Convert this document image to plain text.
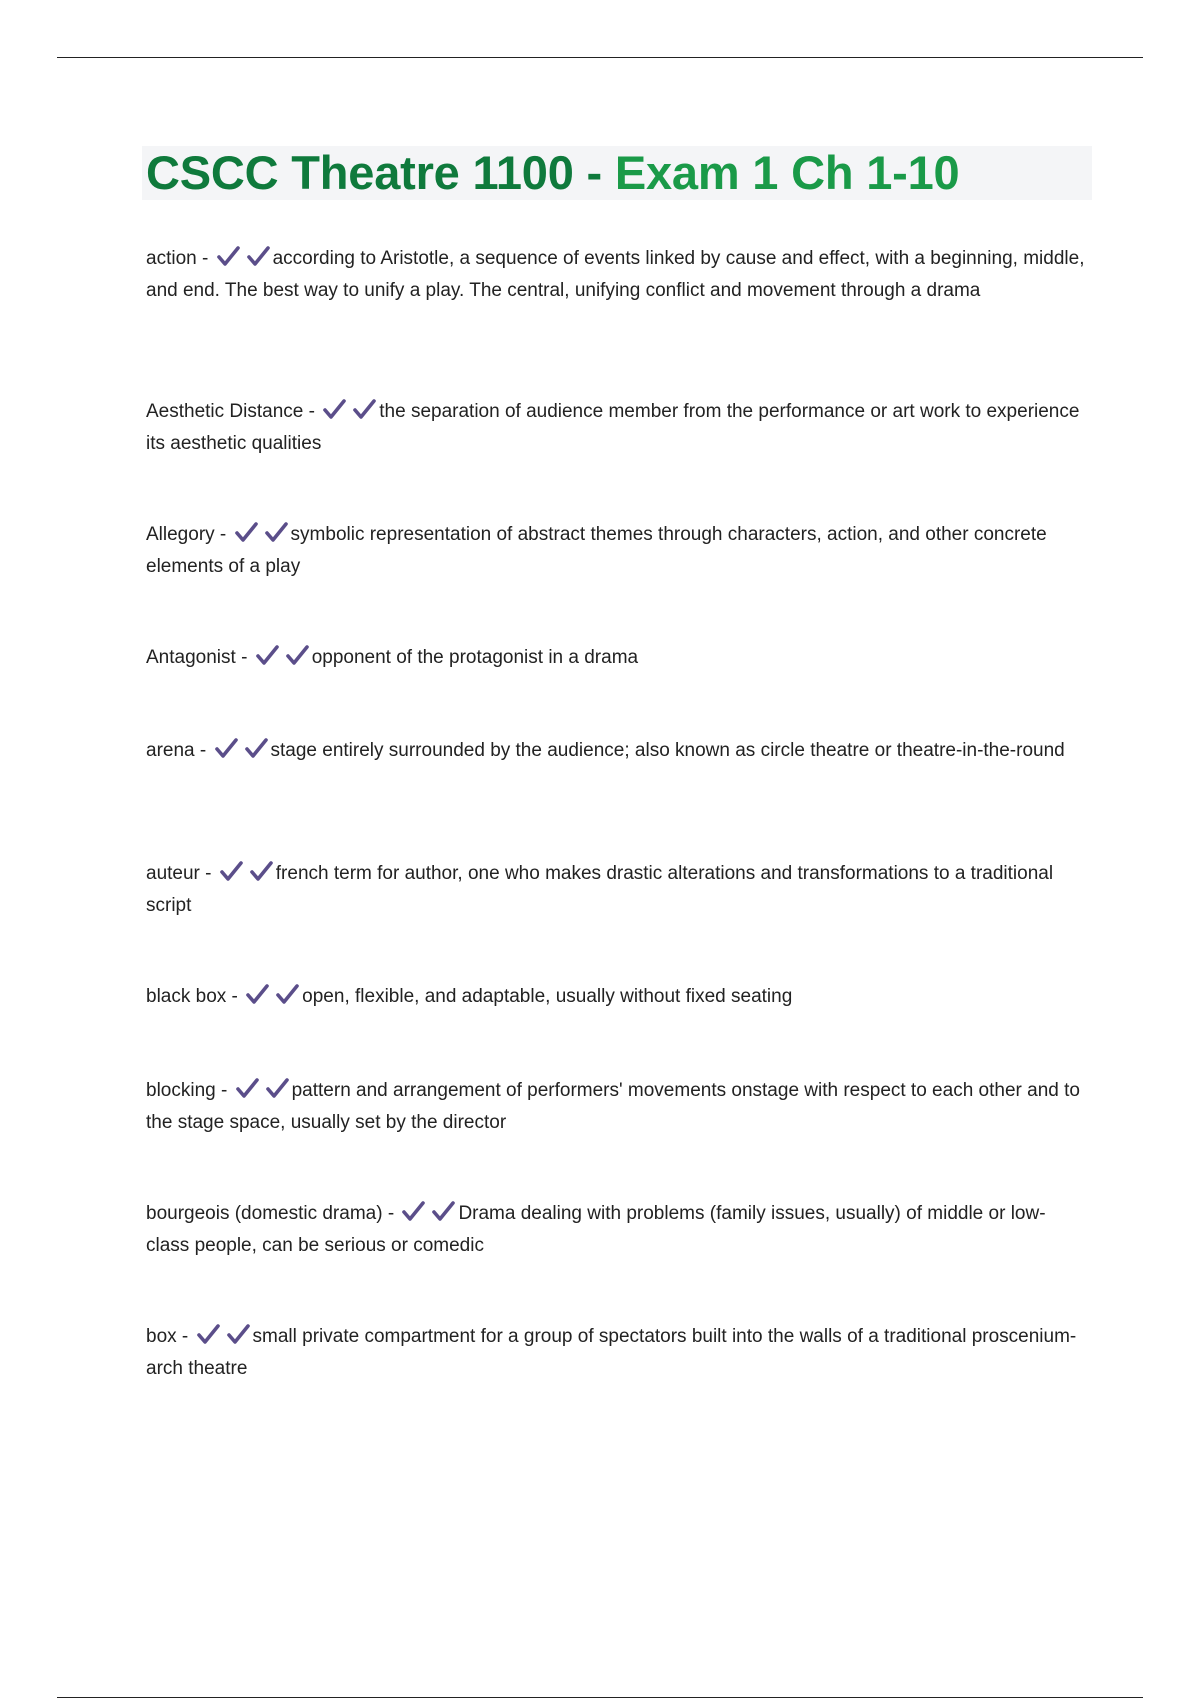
CSCC Theatre 1100 - Exam 1 Ch 1-10
action -	according to Aristotle, a sequence of events linked by cause and effect, with a beginning, middle, and end. The best way to unify a play. The central, unifying conflict and movement through a drama
Aesthetic Distance -	the separation of audience member from the performance or art work to experience its aesthetic qualities
Allegory -	symbolic representation of abstract themes through characters, action, and other concrete elements of a play
Antagonist -	opponent of the protagonist in a drama
arena -	stage entirely surrounded by the audience; also known as circle theatre or theatre-in-the-round
auteur -	french term for author, one who makes drastic alterations and transformations to a traditional script
black box -	open, flexible, and adaptable, usually without fixed seating
blocking -	pattern and arrangement of performers' movements onstage with respect to each other and to the stage space, usually set by the director
bourgeois (domestic drama) -	Drama dealing with problems (family issues, usually) of middle or low-class people, can be serious or comedic
box -	small private compartment for a group of spectators built into the walls of a traditional proscenium-arch theatre
